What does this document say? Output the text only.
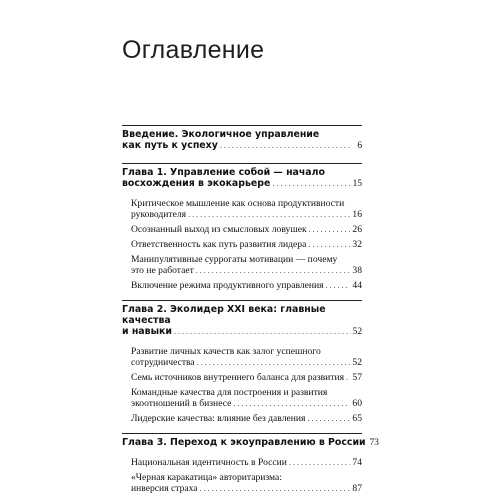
Оглавление
Введение. Экологичное управление
как путь к успеху . . .	6
Глава 1. Управление собой — начало
восхождения в экокарьере . . .	15
Критическое мышление как основа продуктивности
руководителя . . .	16
Осознанный выход из смысловых ловушек . . .	26
Ответственность как путь развития лидера . . .	32
Манипулятивные суррогаты мотивации — почему
это не работает . . .	38
Включение режима продуктивного управления . . .	44
Глава 2. Эколидер XXI века: главные качества
и навыки . . .	52
Развитие личных качеств как залог успешного
сотрудничества . . .	52
Семь источников внутреннего баланса для развития . . . 57
Командные качества для построения и развития
экоотношений в бизнесе . . .	60
Лидерские качества: влияние без давления . . .	65
Глава 3. Переход к экоуправлению в России 73
Национальная идентичность в России . . .	74
«Черная каракатица» авторитаризма:
инверсия страха . . .	87
